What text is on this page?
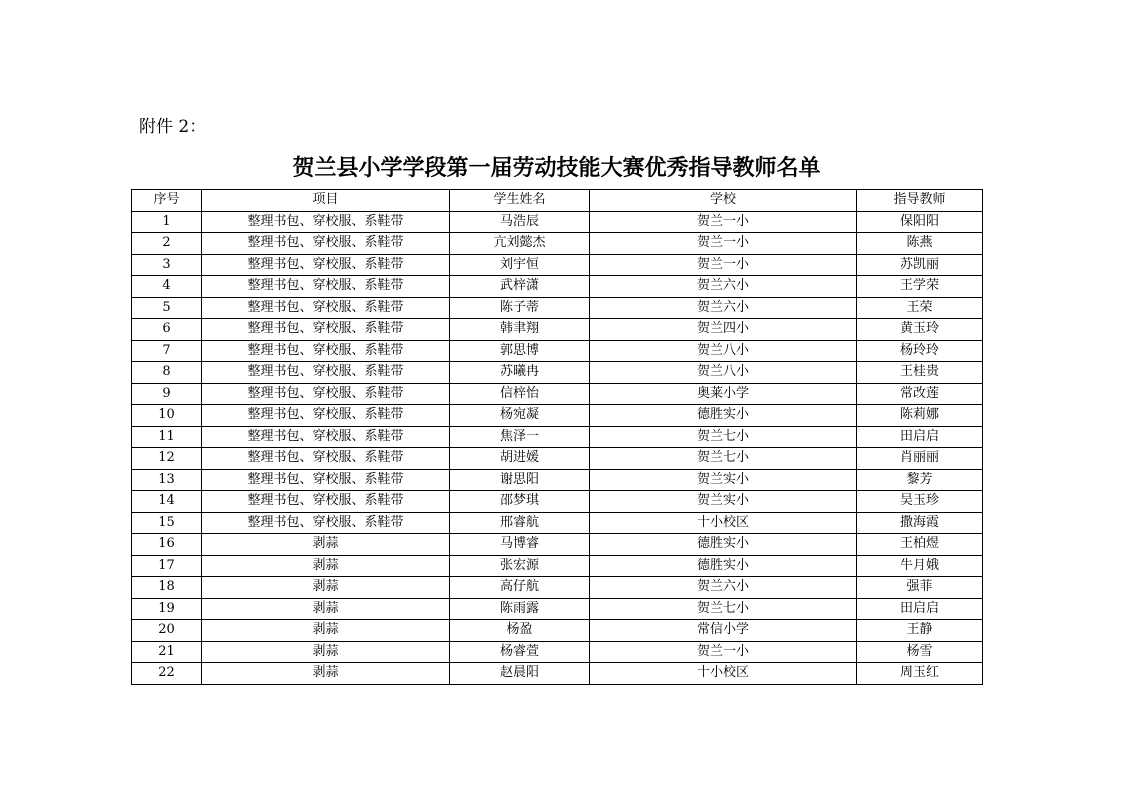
附件 2：
贺兰县小学学段第一届劳动技能大赛优秀指导教师名单
序号	项目	学生姓名	学校	指导教师
1	整理书包、穿校服、系鞋带	马浩辰	贺兰一小	保阳阳
2	整理书包、穿校服、系鞋带	亢刘懿杰	贺兰一小	陈燕
3	整理书包、穿校服、系鞋带	刘宇恒	贺兰一小	苏凯丽
4	整理书包、穿校服、系鞋带	武梓潇	贺兰六小	王学荣
5	整理书包、穿校服、系鞋带	陈子蒂	贺兰六小	王荣
6	整理书包、穿校服、系鞋带	韩聿翔	贺兰四小	黄玉玲
7	整理书包、穿校服、系鞋带	郭思博	贺兰八小	杨玲玲
8	整理书包、穿校服、系鞋带	苏曦冉	贺兰八小	王桂贵
9	整理书包、穿校服、系鞋带	信梓怡	奥莱小学	常改莲
10	整理书包、穿校服、系鞋带	杨宛凝	德胜实小	陈莉娜
11	整理书包、穿校服、系鞋带	焦泽一	贺兰七小	田启启
12	整理书包、穿校服、系鞋带	胡进媛	贺兰七小	肖丽丽
13	整理书包、穿校服、系鞋带	谢思阳	贺兰实小	黎芳
14	整理书包、穿校服、系鞋带	邵梦琪	贺兰实小	吴玉珍
15	整理书包、穿校服、系鞋带	邢睿航	十小校区	撒海霞
16	剥蒜	马博睿	德胜实小	王柏煜
17	剥蒜	张宏源	德胜实小	牛月娥
18	剥蒜	高仔航	贺兰六小	强菲
19	剥蒜	陈雨露	贺兰七小	田启启
20	剥蒜	杨盈	常信小学	王静
21	剥蒜	杨睿萱	贺兰一小	杨雪
22	剥蒜	赵晨阳	十小校区	周玉红
